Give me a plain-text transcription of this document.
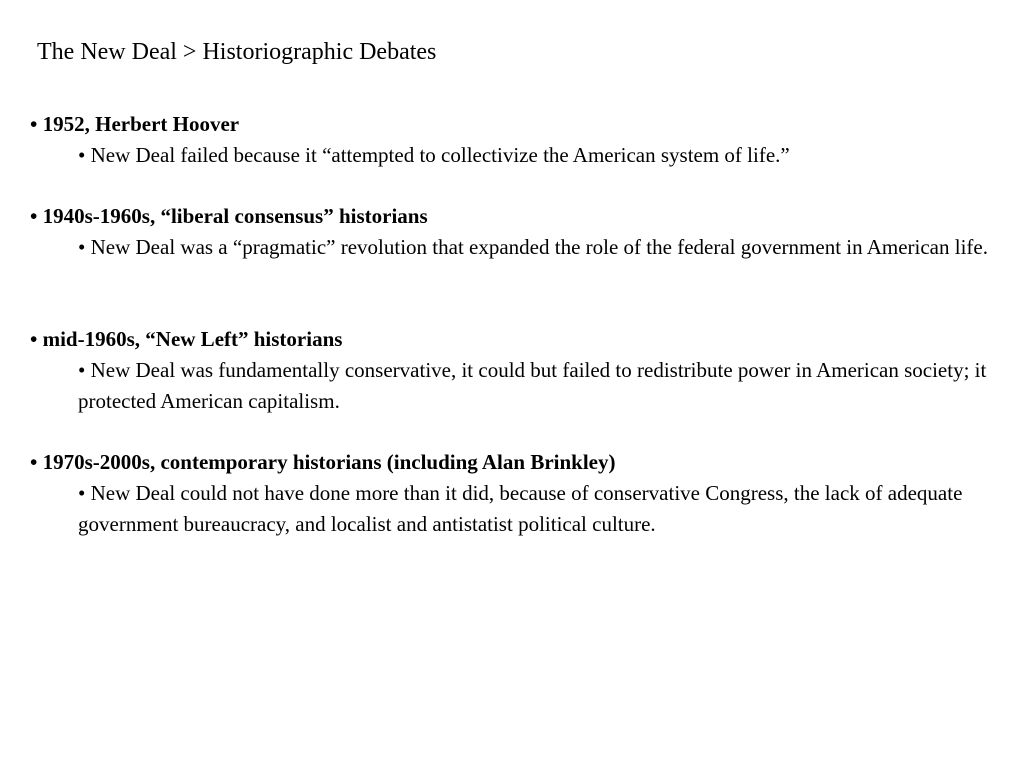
The New Deal > Historiographic Debates
• 1952, Herbert Hoover
• New Deal failed because it “attempted to collectivize the American system of life.”
• 1940s-1960s, “liberal consensus” historians
• New Deal was a “pragmatic” revolution that expanded the role of the federal government in American life.
• mid-1960s, “New Left” historians
• New Deal was fundamentally conservative, it could but failed to redistribute power in American society; it protected American capitalism.
• 1970s-2000s, contemporary historians (including Alan Brinkley)
• New Deal could not have done more than it did, because of conservative Congress, the lack of adequate government bureaucracy, and localist and antistatist political culture.
